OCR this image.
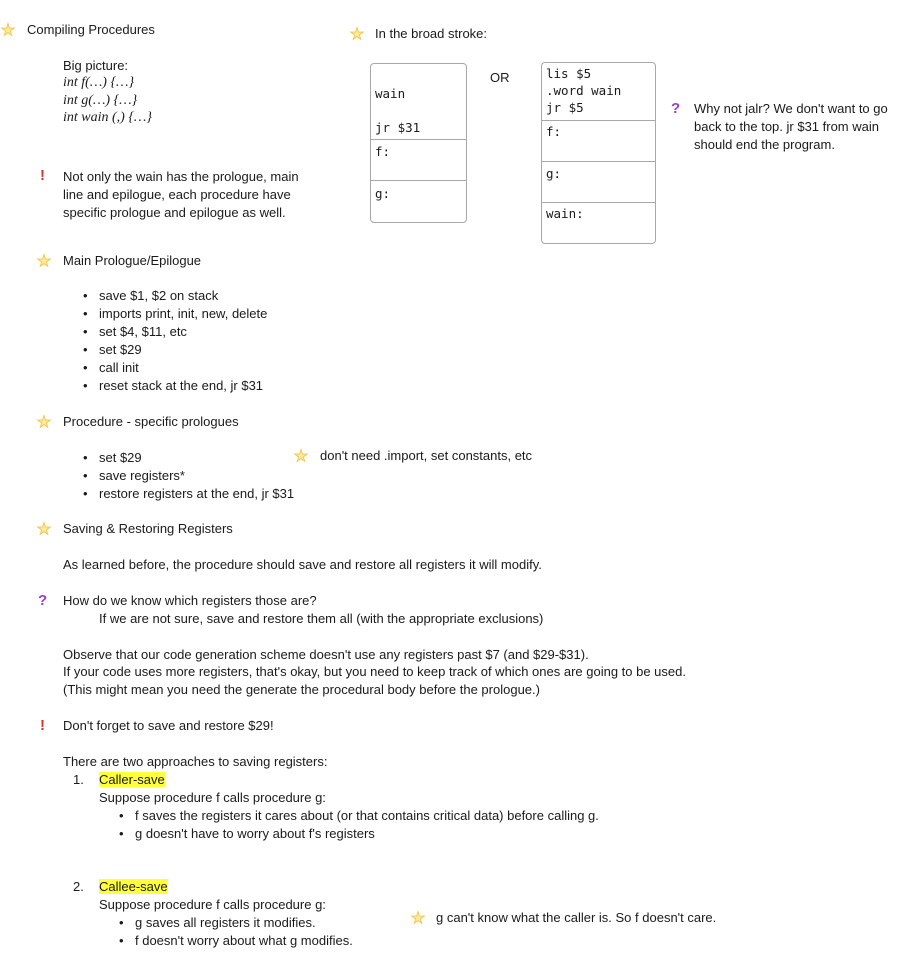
Compiling Procedures
Big picture:
int f(…) {…}
int g(…) {…}
int wain (,) {…}
! Not only the wain has the prologue, main
line and epilogue, each procedure have
specific prologue and epilogue as well.
In the broad stroke:
OR
wain
jr $31
f:
g:
lis $5
.word wain
jr $5
f:
g:
wain:
? Why not jalr? We don't want to go
back to the top. jr $31 from wain
should end the program.
Main Prologue/Epilogue
• save $1, $2 on stack
• imports print, init, new, delete
• set $4, $11, etc
• set $29
• call init
• reset stack at the end, jr $31
Procedure - specific prologues
• set $29
• save registers*
• restore registers at the end, jr $31
don't need .import, set constants, etc
Saving & Restoring Registers
As learned before, the procedure should save and restore all registers it will modify.
? How do we know which registers those are?
If we are not sure, save and restore them all (with the appropriate exclusions)
Observe that our code generation scheme doesn't use any registers past $7 (and $29-$31).
If your code uses more registers, that's okay, but you need to keep track of which ones are going to be used.
(This might mean you need the generate the procedural body before the prologue.)
! Don't forget to save and restore $29!
There are two approaches to saving registers:
1. Caller-save
Suppose procedure f calls procedure g:
• f saves the registers it cares about (or that contains critical data) before calling g.
• g doesn't have to worry about f's registers
2. Callee-save
Suppose procedure f calls procedure g:
• g saves all registers it modifies.
• f doesn't worry about what g modifies.
g can't know what the caller is. So f doesn't care.
